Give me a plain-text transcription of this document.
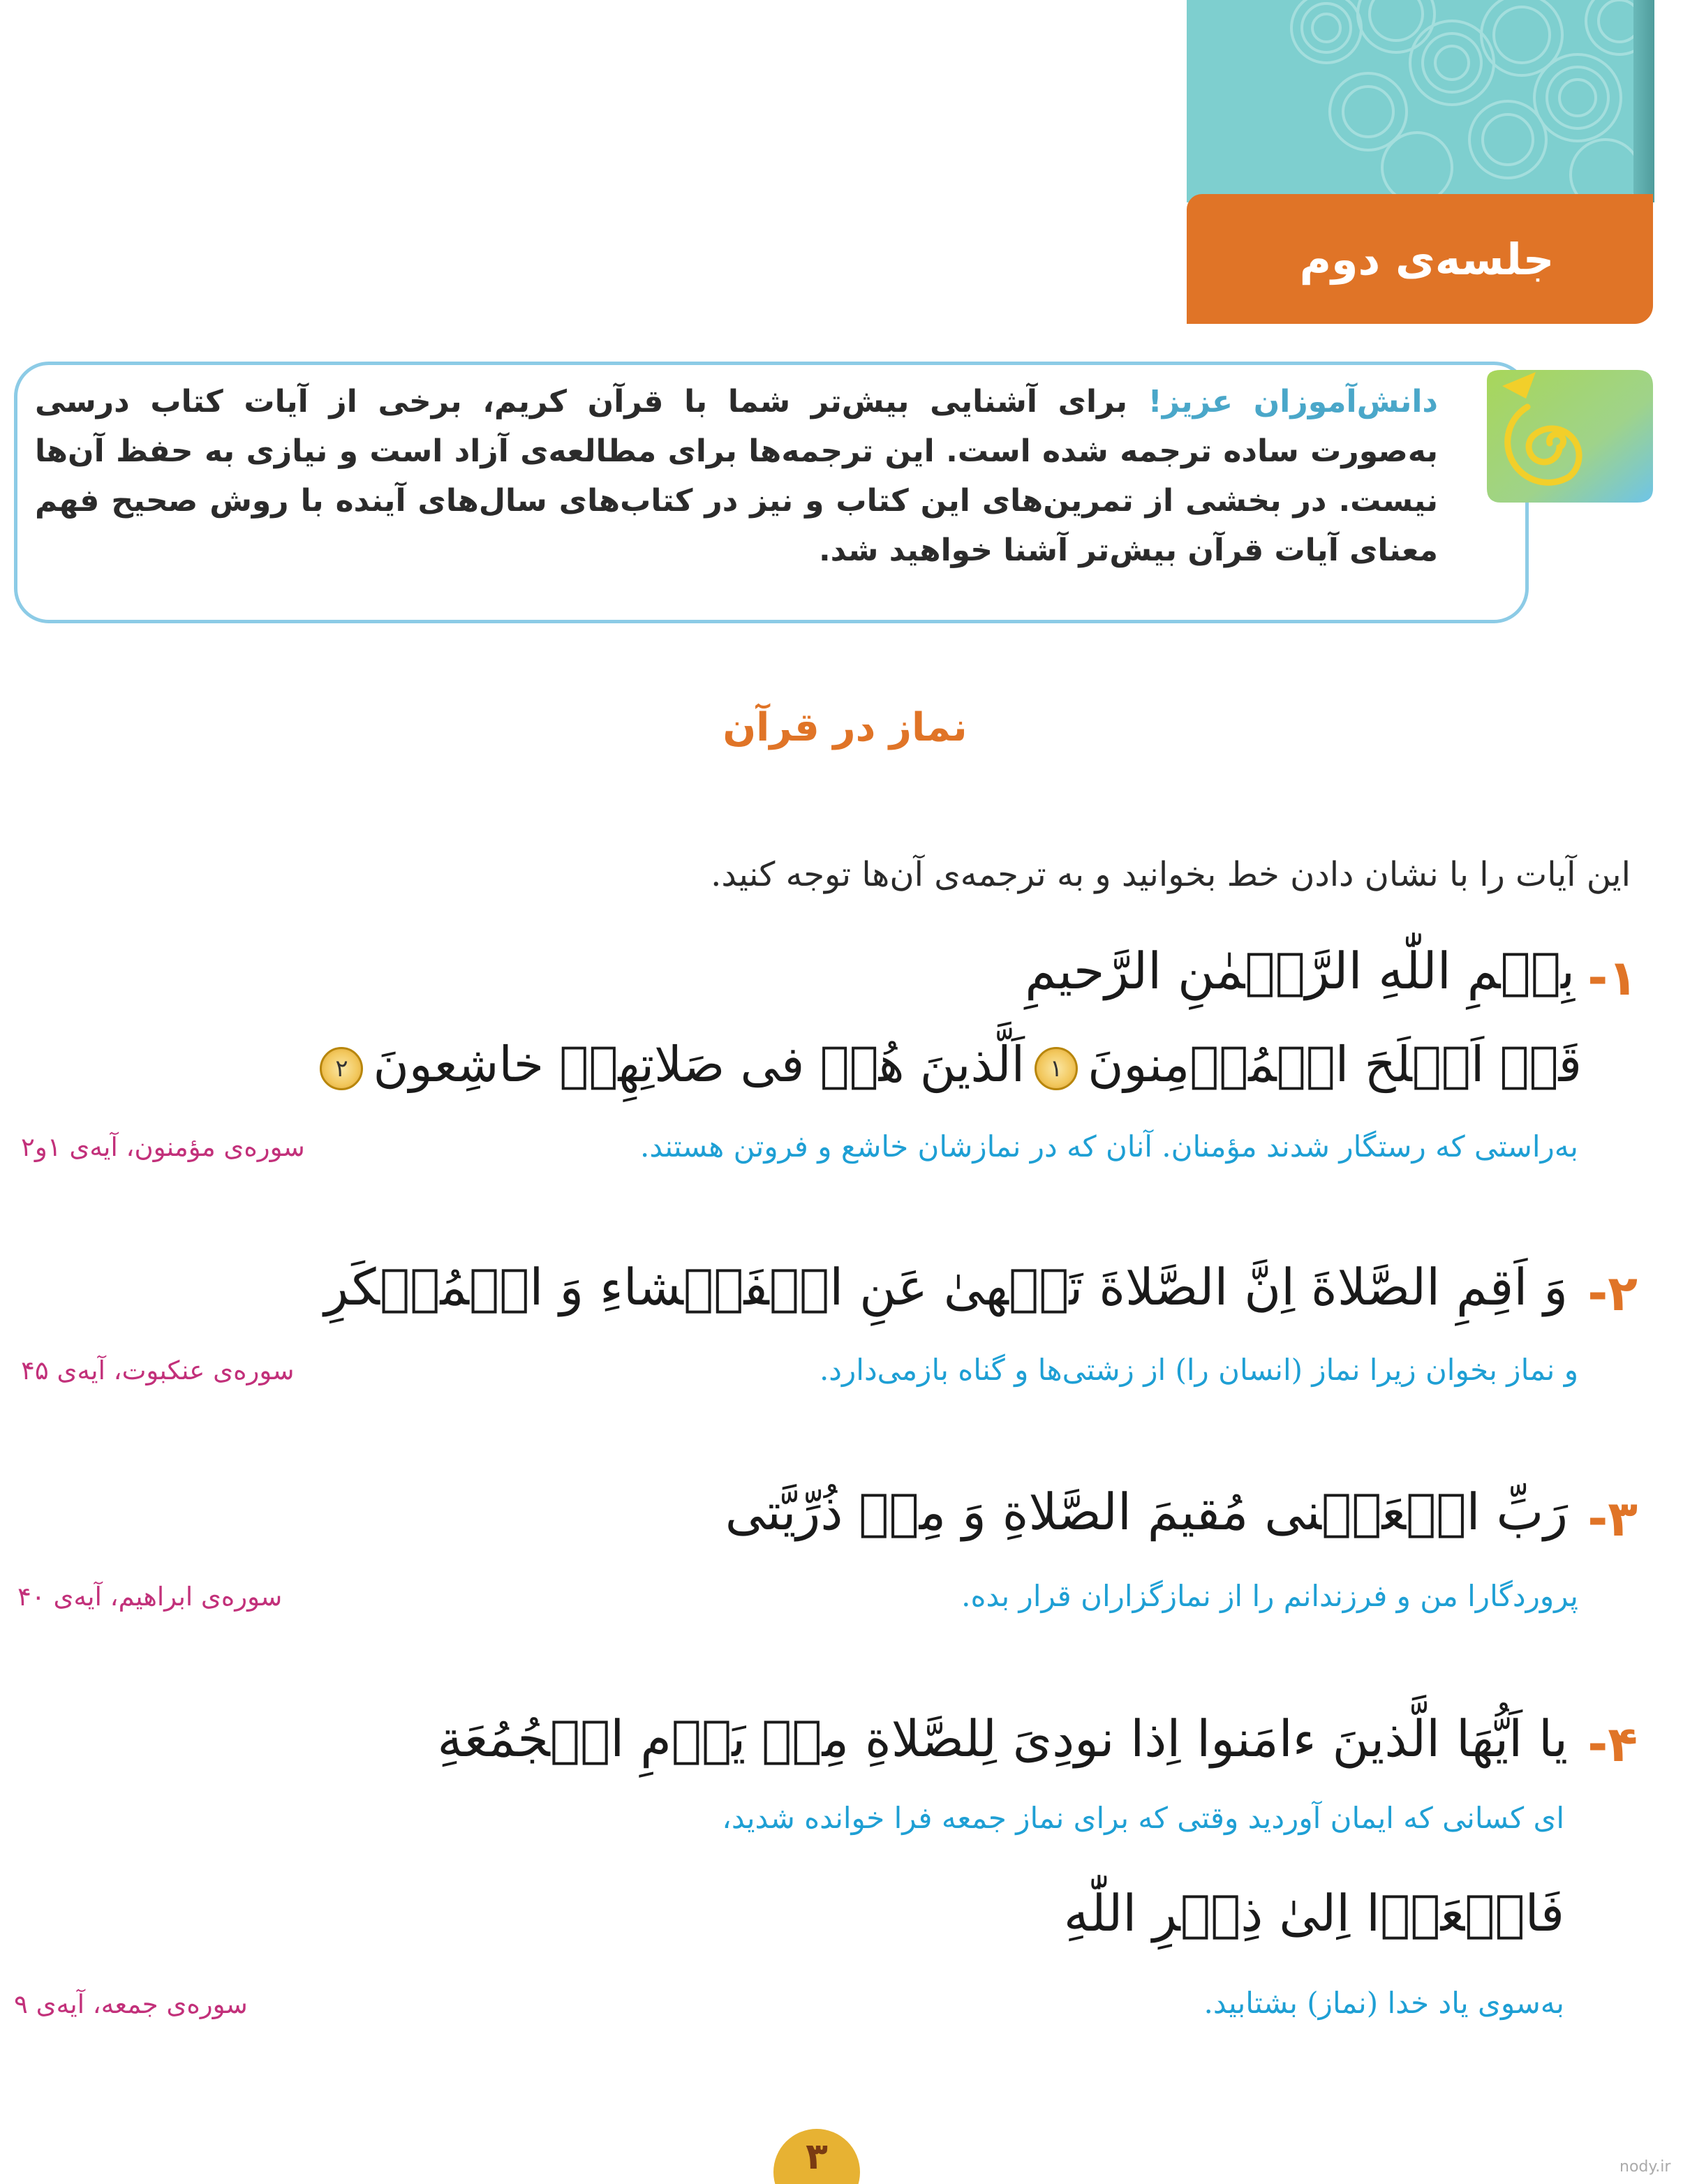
جلسه‌ی دوم
دانش‌آموزان عزیز! برای آشنایی بیش‌تر شما با قرآن کریم، برخی از آیات کتاب درسی به‌صورت ساده ترجمه شده است. این ترجمه‌ها برای مطالعه‌ی آزاد است و نیازی به حفظ آن‌ها نیست. در بخشی از تمرین‌های این کتاب و نیز در کتاب‌های سال‌های آینده با روش صحیح فهم معنای آیات قرآن بیش‌تر آشنا خواهید شد.
نماز در قرآن
این آیات را با نشان دادن خط بخوانید و به ترجمه‌ی آن‌ها توجه کنید.
۱-
بِسۡمِ اللّٰهِ الرَّحۡمٰنِ الرَّحیمِ
قَدۡ اَفۡلَحَ الۡمُؤۡمِنونَ۱اَلَّذینَ هُمۡ فی صَلاتِهِمۡ خاشِعونَ۲
به‌راستی که رستگار شدند مؤمنان. آنان که در نمازشان خاشع و فروتن هستند.
سوره‌ی مؤمنون، آیه‌ی ۱و۲
۲-
وَ اَقِمِ الصَّلاةَ اِنَّ الصَّلاةَ تَنۡهیٰ عَنِ الۡفَحۡشاءِ وَ الۡمُنۡکَرِ
و نماز بخوان زیرا نماز (انسان را) از زشتی‌ها و گناه بازمی‌دارد.
سوره‌ی عنکبوت، آیه‌ی ۴۵
۳-
رَبِّ اجۡعَلۡنی مُقیمَ الصَّلاةِ وَ مِنۡ ذُرِّیَّتی
پروردگارا من و فرزندانم را از نمازگزاران قرار بده.
سوره‌ی ابراهیم، آیه‌ی ۴۰
۴-
یا اَیُّهَا الَّذینَ ءامَنوا اِذا نودِیَ لِلصَّلاةِ مِنۡ یَوۡمِ الۡجُمُعَةِ
ای کسانی که ایمان آوردید وقتی که برای نماز جمعه فرا خوانده شدید،
فَاسۡعَوۡا اِلیٰ ذِکۡرِ اللّٰهِ
به‌سوی یاد خدا (نماز) بشتابید.
سوره‌ی جمعه، آیه‌ی ۹
۳	nody.ir
